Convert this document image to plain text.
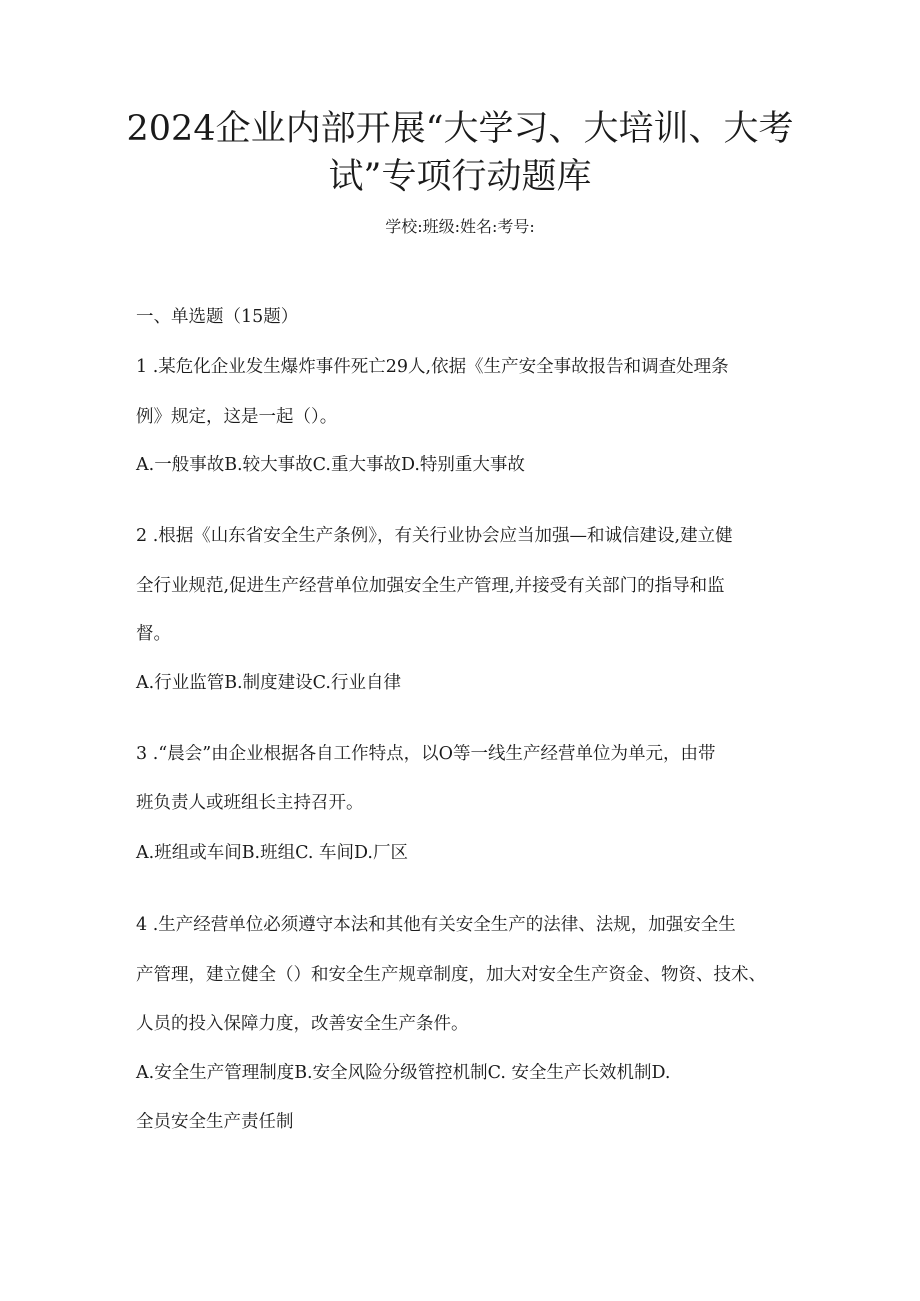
2024企业内部开展“大学习、大培训、大考
试”专项行动题库
学校:班级:姓名:考号:
一、单选题（15题）
1 .某危化企业发生爆炸事件死亡29人,依据《生产安全事故报告和调查处理条
例》规定，这是一起（）。
A.一般事故B.较大事故C.重大事故D.特别重大事故
2 .根据《山东省安全生产条例》，有关行业协会应当加强—和诚信建设,建立健
全行业规范,促进生产经营单位加强安全生产管理,并接受有关部门的指导和监
督。
A.行业监管B.制度建设C.行业自律
3 .“晨会”由企业根据各自工作特点，以O等一线生产经营单位为单元，由带
班负责人或班组长主持召开。
A.班组或车间B.班组C. 车间D.厂区
4 .生产经营单位必须遵守本法和其他有关安全生产的法律、法规，加强安全生
产管理，建立健全（）和安全生产规章制度，加大对安全生产资金、物资、技术、
人员的投入保障力度，改善安全生产条件。
A.安全生产管理制度B.安全风险分级管控机制C. 安全生产长效机制D.
全员安全生产责任制
